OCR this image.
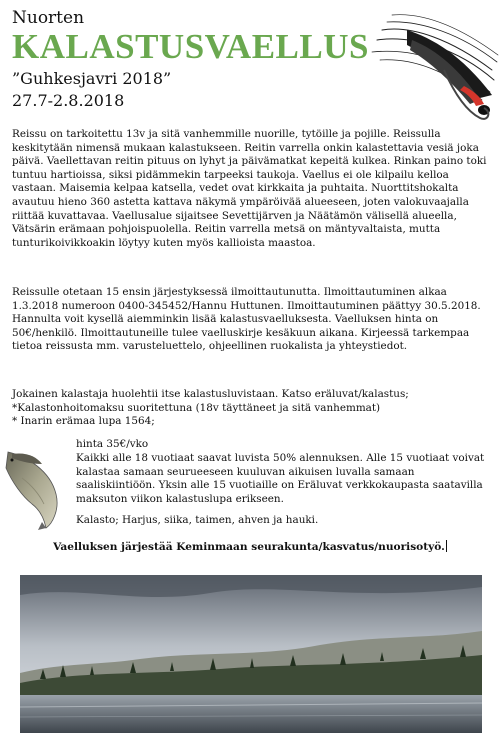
Nuorten

KALASTUSVAELLUS

”Guhkesjavri 2018”

27.7-2.8.2018

Reissu on tarkoitettu 13v ja sitä vanhemmille nuorille, tytöille ja pojille. Reissulla keskitytään nimensä mukaan kalastukseen. Reitin varrella onkin kalastettavia vesiä joka päivä. Vaellettavan reitin pituus on lyhyt ja päivämatkat kepeitä kulkea. Rinkan paino toki tuntuu hartioissa, siksi pidämmekin tarpeeksi taukoja. Vaellus ei ole kilpailu kelloa vastaan. Maisemia kelpaa katsella, vedet ovat kirkkaita ja puhtaita. Nuorttitshokalta avautuu hieno 360 astetta kattava näkymä ympäröivää alueeseen, joten valokuvaajalla riittää kuvattavaa. Vaellusalue sijaitsee Sevettijärven ja Näätämön välisellä alueella, Vätsärin erämaan pohjoispuolella. Reitin varrella metsä on mäntyvaltaista, mutta tunturikoivikkoakin löytyy kuten myös kallioista maastoa.

Reissulle otetaan 15 ensin järjestyksessä ilmoittautunutta. Ilmoittautuminen alkaa 1.3.2018 numeroon 0400-345452/Hannu Huttunen. Ilmoittautuminen päättyy 30.5.2018. Hannulta voit kysellä aiemminkin lisää kalastusvaelluksesta. Vaelluksen hinta on 50€/henkilö. Ilmoittautuneille tulee vaelluskirje kesäkuun aikana. Kirjeessä tarkempaa tietoa reissusta mm. varusteluettelo, ohjeellinen ruokalista ja yhteystiedot.

Jokainen kalastaja huolehtii itse kalastusluvistaan. Katso eräluvat/kalastus;

*Kalastonhoitomaksu suoritettuna (18v täyttäneet ja sitä vanhemmat)

* Inarin erämaa lupa 1564;

hinta 35€/vko

Kaikki alle 18 vuotiaat saavat luvista 50% alennuksen. Alle 15 vuotiaat voivat kalastaa samaan seurueeseen kuuluvan aikuisen luvalla samaan saaliskiintiöön. Yksin alle 15 vuotiaille on Eräluvat verkkokaupasta saatavilla maksuton viikon kalastuslupa erikseen.

Kalasto; Harjus, siika, taimen, ahven ja hauki.

Vaelluksen järjestää Keminmaan seurakunta/kasvatus/nuorisotyö.
